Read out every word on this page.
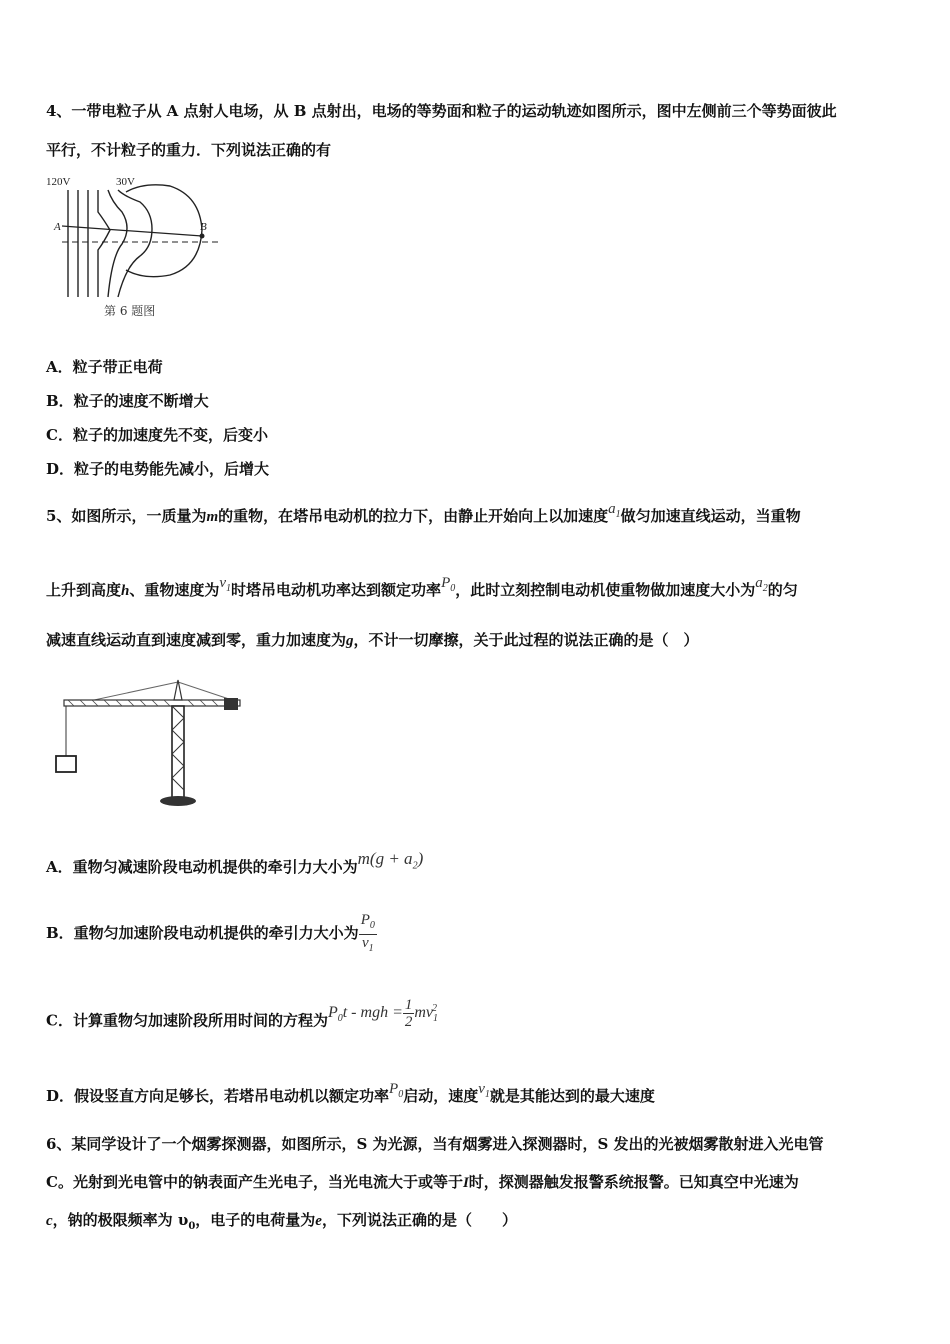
4、一带电粒子从 A 点射人电场，从 B 点射出，电场的等势面和粒子的运动轨迹如图所示，图中左侧前三个等势面彼此
平行，不计粒子的重力．下列说法正确的有
120V	30V
A	B
第 6 题图
A．粒子带正电荷
B．粒子的速度不断增大
C．粒子的加速度先不变，后变小
D．粒子的电势能先减小，后增大
5、如图所示，一质量为m的重物，在塔吊电动机的拉力下，由静止开始向上以加速度$a_1$做匀加速直线运动，当重物
上升到高度h、重物速度为$v_1$时塔吊电动机功率达到额定功率$P_0$，此时立刻控制电动机使重物做加速度大小为$a_2$的匀
减速直线运动直到速度减到零，重力加速度为g，不计一切摩擦，关于此过程的说法正确的是（　）
A．重物匀减速阶段电动机提供的牵引力大小为$m(g + a_2)$
B．重物匀加速阶段电动机提供的牵引力大小为 $\frac{P_0}{v_1}$
C．计算重物匀加速阶段所用时间的方程为$P_0t$ - mgh = $\frac{1}{2} mv_1^2$
D．假设竖直方向足够长，若塔吊电动机以额定功率$P_0$启动，速度$v_1$就是其能达到的最大速度
6、某同学设计了一个烟雾探测器，如图所示，S 为光源，当有烟雾进入探测器时，S 发出的光被烟雾散射进入光电管
C。光射到光电管中的钠表面产生光电子，当光电流大于或等于I时，探测器触发报警系统报警。已知真空中光速为
c，钠的极限频率为 $\upsilon_0$，电子的电荷量为e，下列说法正确的是（　　）
